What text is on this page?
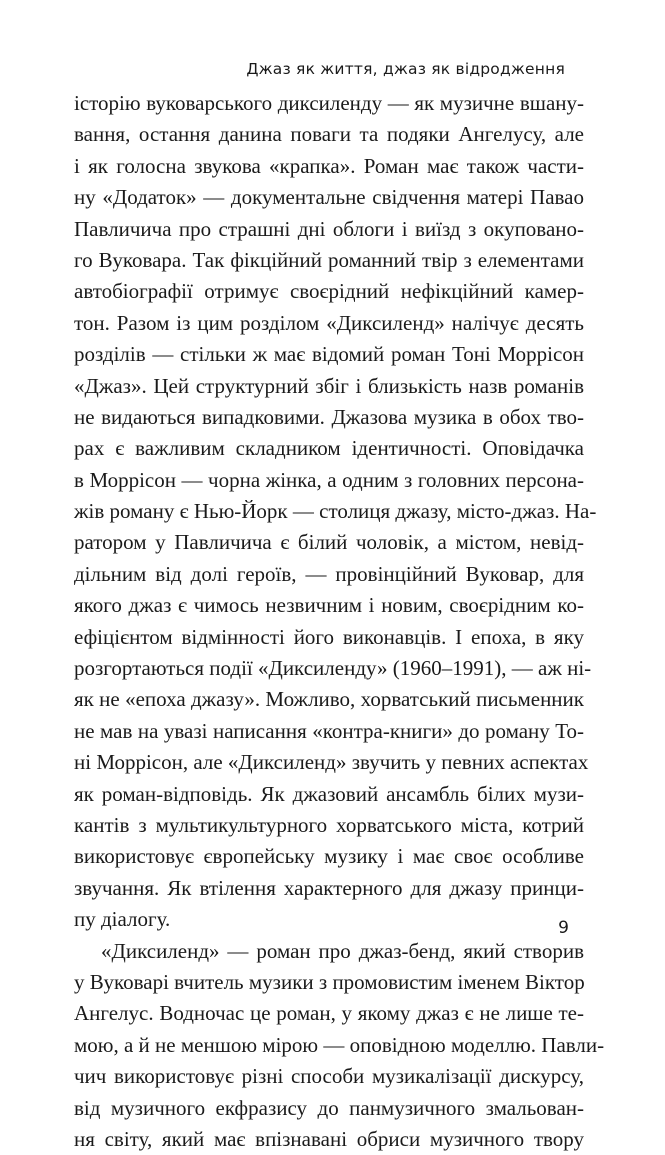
Джаз як життя, джаз як відродження
історію вуковарського диксиленду — як музичне вшану-
вання, остання данина поваги та подяки Ангелусу, але
і як голосна звукова «крапка». Роман має також части-
ну «Додаток» — документальне свідчення матері Павао
Павличича про страшні дні облоги і виїзд з окуповано-
го Вуковара. Так фікційний романний твір з елементами
автобіографії отримує своєрідний нефікційний камер-
тон. Разом із цим розділом «Диксиленд» налічує десять
розділів — стільки ж має відомий роман Тоні Моррісон
«Джаз». Цей структурний збіг і близькість назв романів
не видаються випадковими. Джазова музика в обох тво-
рах є важливим складником ідентичності. Оповідачка
в Моррісон — чорна жінка, а одним з головних персона-
жів роману є Нью-Йорк — столиця джазу, місто-джаз. На-
ратором у Павличича є білий чоловік, а містом, невід-
дільним від долі героїв, — провінційний Вуковар, для
якого джаз є чимось незвичним і новим, своєрідним ко-
ефіцієнтом відмінності його виконавців. І епоха, в яку
розгортаються події «Диксиленду» (1960–1991), — аж ні-
як не «епоха джазу». Можливо, хорватський письменник
не мав на увазі написання «контра-книги» до роману То-
ні Моррісон, але «Диксиленд» звучить у певних аспектах
як роман-відповідь. Як джазовий ансамбль білих музи-
кантів з мультикультурного хорватського міста, котрий
використовує європейську музику і має своє особливе
звучання. Як втілення характерного для джазу принци-
пу діалогу.
«Диксиленд» — роман про джаз-бенд, який створив
у Вуковарі вчитель музики з промовистим іменем Віктор
Ангелус. Водночас це роман, у якому джаз є не лише те-
мою, а й не меншою мірою — оповідною моделлю. Павли-
чич використовує різні способи музикалізації дискурсу,
від музичного екфразису до панмузичного змальован-
ня світу, який має впізнавані обриси музичного твору
9
